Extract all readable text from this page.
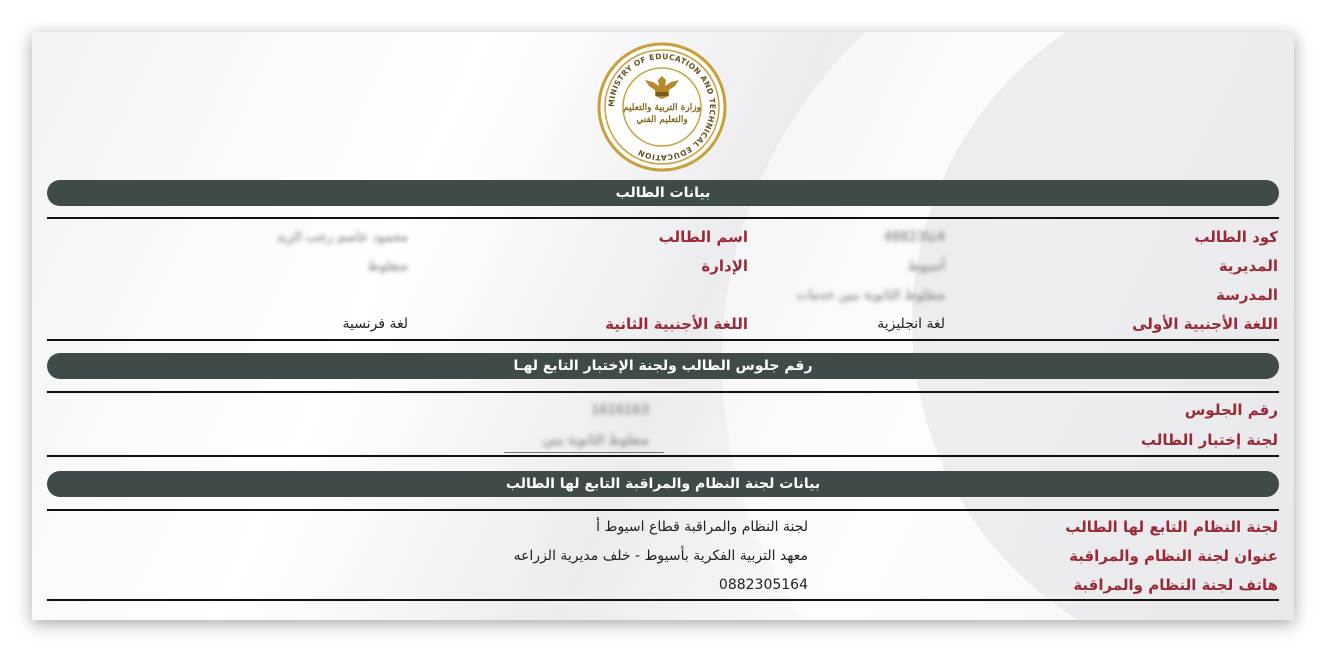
MINISTRY OF EDUCATION AND TECHNICAL EDUCATION
وزارة التربية والتعليم
والتعليم الفني
بيانات الطالب
كود الطالب
4ثثا48823
اسم الطالب
محمود عاصم رجب الزيد
المديرية
أسيوط
الإدارة
منفلوط
المدرسة
منفلوط الثانوية بنين خدمات
اللغة الأجنبية الأولى
لغة انجليزية
اللغة الأجنبية الثانية
لغة فرنسية
رقم جلوس الطالب ولجنة الإختبار التابع لهـا
رقم الجلوس
1616163
لجنة إختبار الطالب
منفلوط الثانوية بنين
بيانات لجنة النظام والمراقبة التابع لها الطالب
لجنة النظام التابع لها الطالب
لجنة النظام والمراقبة قطاع اسيوط أ
عنوان لجنة النظام والمراقبة
معهد التربية الفكرية بأسيوط - خلف مديرية الزراعه
هاتف لجنة النظام والمراقبة
0882305164
